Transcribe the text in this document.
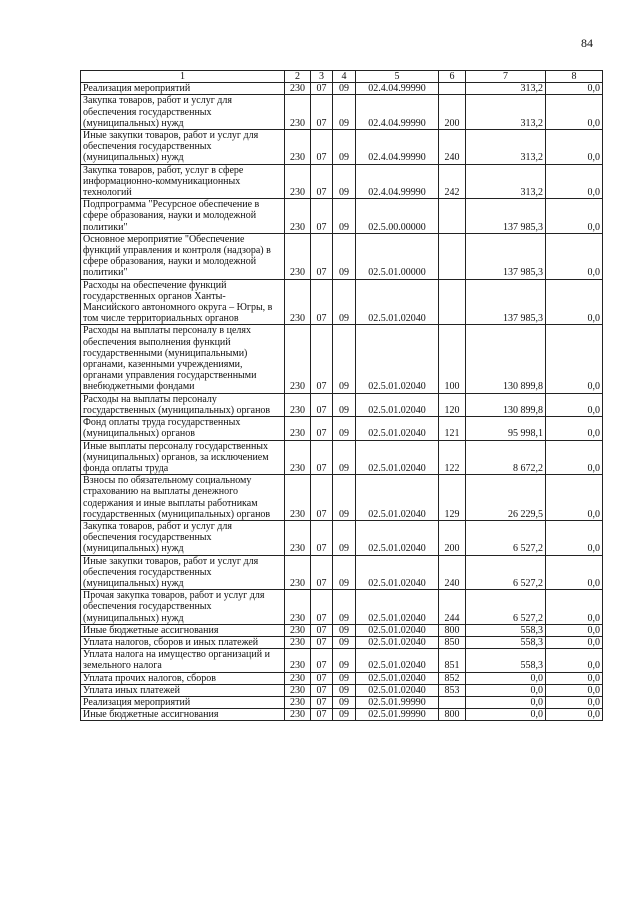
84
1	2	3	4	5	6	7	8
Реализация мероприятий	230	07	09	02.4.04.99990		313,2	0,0
Закупка товаров, работ и услуг для обеспечения государственных (муниципальных) нужд	230	07	09	02.4.04.99990	200	313,2	0,0
Иные закупки товаров, работ и услуг для обеспечения государственных (муниципальных) нужд	230	07	09	02.4.04.99990	240	313,2	0,0
Закупка товаров, работ, услуг в сфере информационно-коммуникационных технологий	230	07	09	02.4.04.99990	242	313,2	0,0
Подпрограмма "Ресурсное обеспечение в сфере образования, науки и молодежной политики"	230	07	09	02.5.00.00000		137 985,3	0,0
Основное мероприятие "Обеспечение функций управления и контроля (надзора) в сфере образования, науки и молодежной политики"	230	07	09	02.5.01.00000		137 985,3	0,0
Расходы на обеспечение функций государственных органов Ханты-Мансийского автономного округа – Югры, в том числе территориальных органов	230	07	09	02.5.01.02040		137 985,3	0,0
Расходы на выплаты персоналу в целях обеспечения выполнения функций государственными (муниципальными) органами, казенными учреждениями, органами управления государственными внебюджетными фондами	230	07	09	02.5.01.02040	100	130 899,8	0,0
Расходы на выплаты персоналу государственных (муниципальных) органов	230	07	09	02.5.01.02040	120	130 899,8	0,0
Фонд оплаты труда государственных (муниципальных) органов	230	07	09	02.5.01.02040	121	95 998,1	0,0
Иные выплаты персоналу государственных (муниципальных) органов, за исключением фонда оплаты труда	230	07	09	02.5.01.02040	122	8 672,2	0,0
Взносы по обязательному социальному страхованию на выплаты денежного содержания и иные выплаты работникам государственных (муниципальных) органов	230	07	09	02.5.01.02040	129	26 229,5	0,0
Закупка товаров, работ и услуг для обеспечения государственных (муниципальных) нужд	230	07	09	02.5.01.02040	200	6 527,2	0,0
Иные закупки товаров, работ и услуг для обеспечения государственных (муниципальных) нужд	230	07	09	02.5.01.02040	240	6 527,2	0,0
Прочая закупка товаров, работ и услуг для обеспечения государственных (муниципальных) нужд	230	07	09	02.5.01.02040	244	6 527,2	0,0
Иные бюджетные ассигнования	230	07	09	02.5.01.02040	800	558,3	0,0
Уплата налогов, сборов и иных платежей	230	07	09	02.5.01.02040	850	558,3	0,0
Уплата налога на имущество организаций и земельного налога	230	07	09	02.5.01.02040	851	558,3	0,0
Уплата прочих налогов, сборов	230	07	09	02.5.01.02040	852	0,0	0,0
Уплата иных платежей	230	07	09	02.5.01.02040	853	0,0	0,0
Реализация мероприятий	230	07	09	02.5.01.99990		0,0	0,0
Иные бюджетные ассигнования	230	07	09	02.5.01.99990	800	0,0	0,0
